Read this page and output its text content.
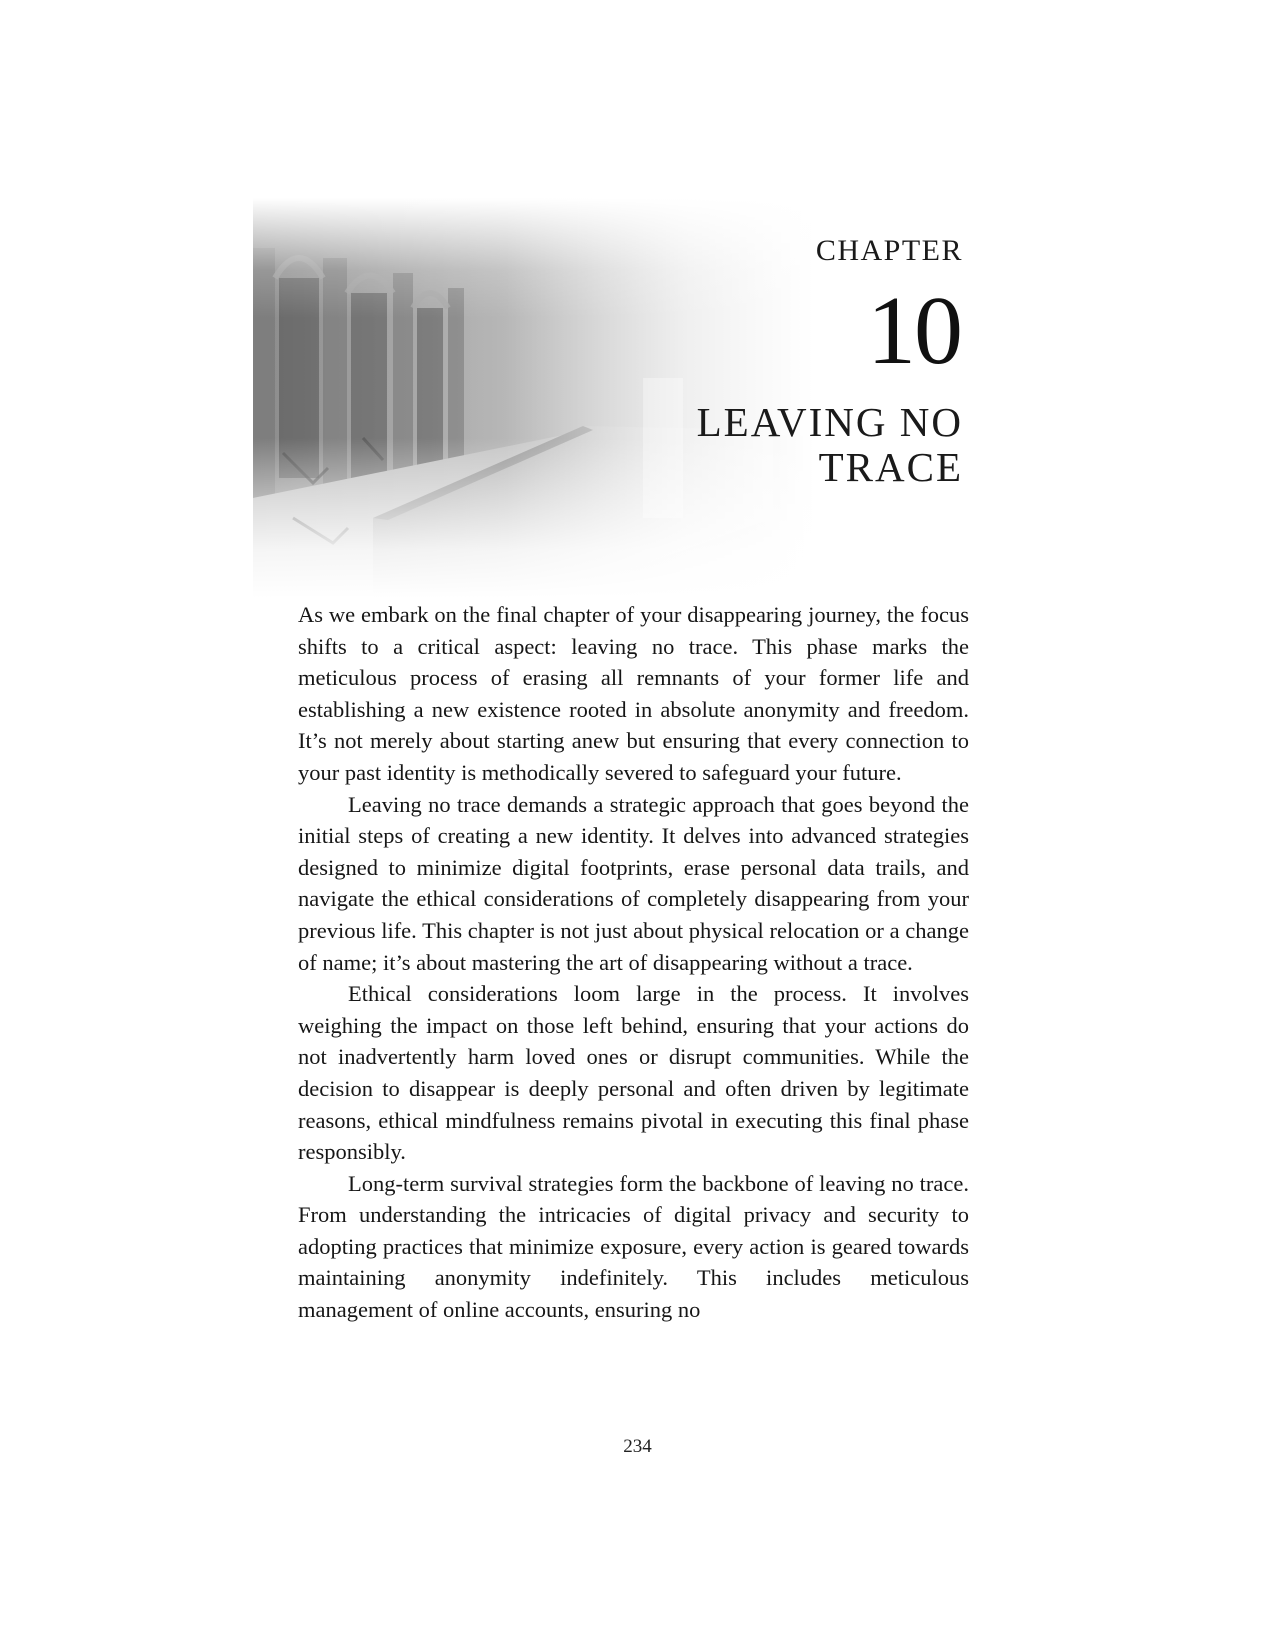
CHAPTER
10
LEAVING NO TRACE

As we embark on the final chapter of your disappearing journey, the focus shifts to a critical aspect: leaving no trace. This phase marks the meticulous process of erasing all remnants of your former life and establishing a new existence rooted in absolute anonymity and freedom. It’s not merely about starting anew but ensuring that every connection to your past identity is methodically severed to safeguard your future.

Leaving no trace demands a strategic approach that goes beyond the initial steps of creating a new identity. It delves into advanced strategies designed to minimize digital footprints, erase personal data trails, and navigate the ethical considerations of completely disappearing from your previous life. This chapter is not just about physical relocation or a change of name; it’s about mastering the art of disappearing without a trace.

Ethical considerations loom large in the process. It involves weighing the impact on those left behind, ensuring that your actions do not inadvertently harm loved ones or disrupt communities. While the decision to disappear is deeply personal and often driven by legitimate reasons, ethical mindfulness remains pivotal in executing this final phase responsibly.

Long-term survival strategies form the backbone of leaving no trace. From understanding the intricacies of digital privacy and security to adopting practices that minimize exposure, every action is geared towards maintaining anonymity indefinitely. This includes meticulous management of online accounts, ensuring no

234
